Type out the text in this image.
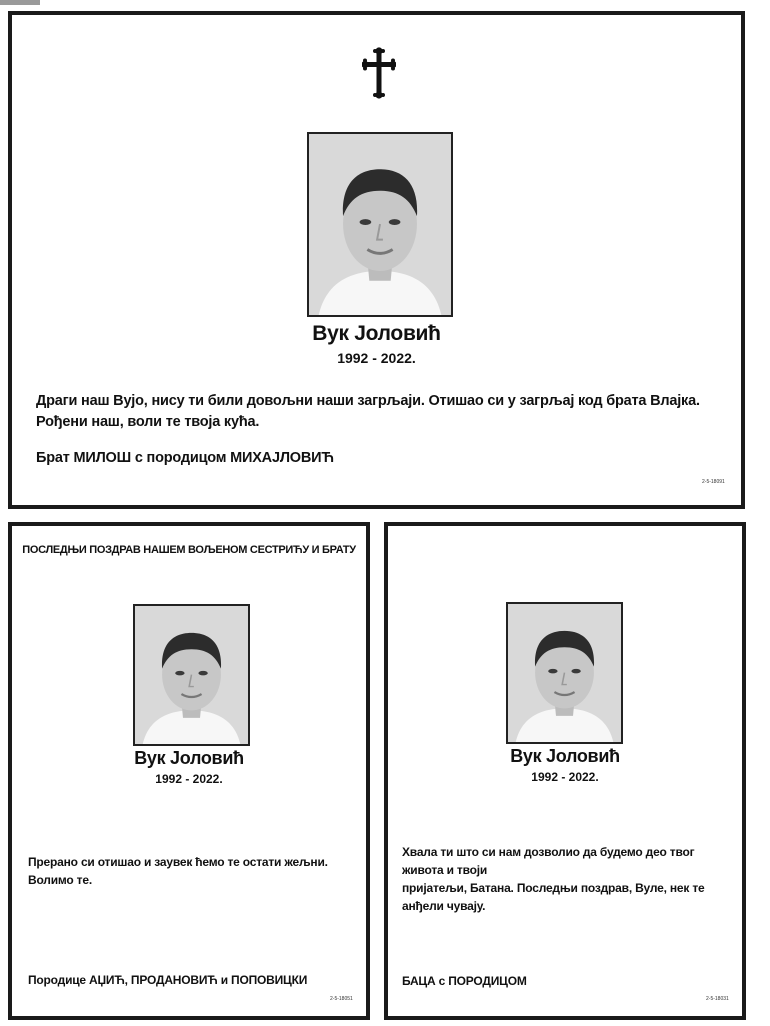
Вук Јоловић
1992 - 2022.
Драги наш Вујо, нису ти били довољни наши загрљаји. Отишао си у загрљај код брата Влајка.
Рођени наш, воли те твоја кућа.
Брат МИЛОШ с породицом МИХАЈЛОВИЋ
2-5-18091
ПОСЛЕДЊИ ПОЗДРАВ НАШЕМ ВОЉЕНОМ СЕСТРИЋУ И БРАТУ
Вук Јоловић
1992 - 2022.
Прерано си отишао и заувек ћемо те остати жељни. Волимо те.
Породице АЏИЋ, ПРОДАНОВИЋ и ПОПОВИЦКИ
2-5-18051
Вук Јоловић
1992 - 2022.
Хвала ти што си нам дозволио да будемо део твог живота и твоји
пријатељи, Батана. Последњи поздрав, Вуле, нек те анђели чувају.
БАЦА с ПОРОДИЦОМ
2-5-18031
